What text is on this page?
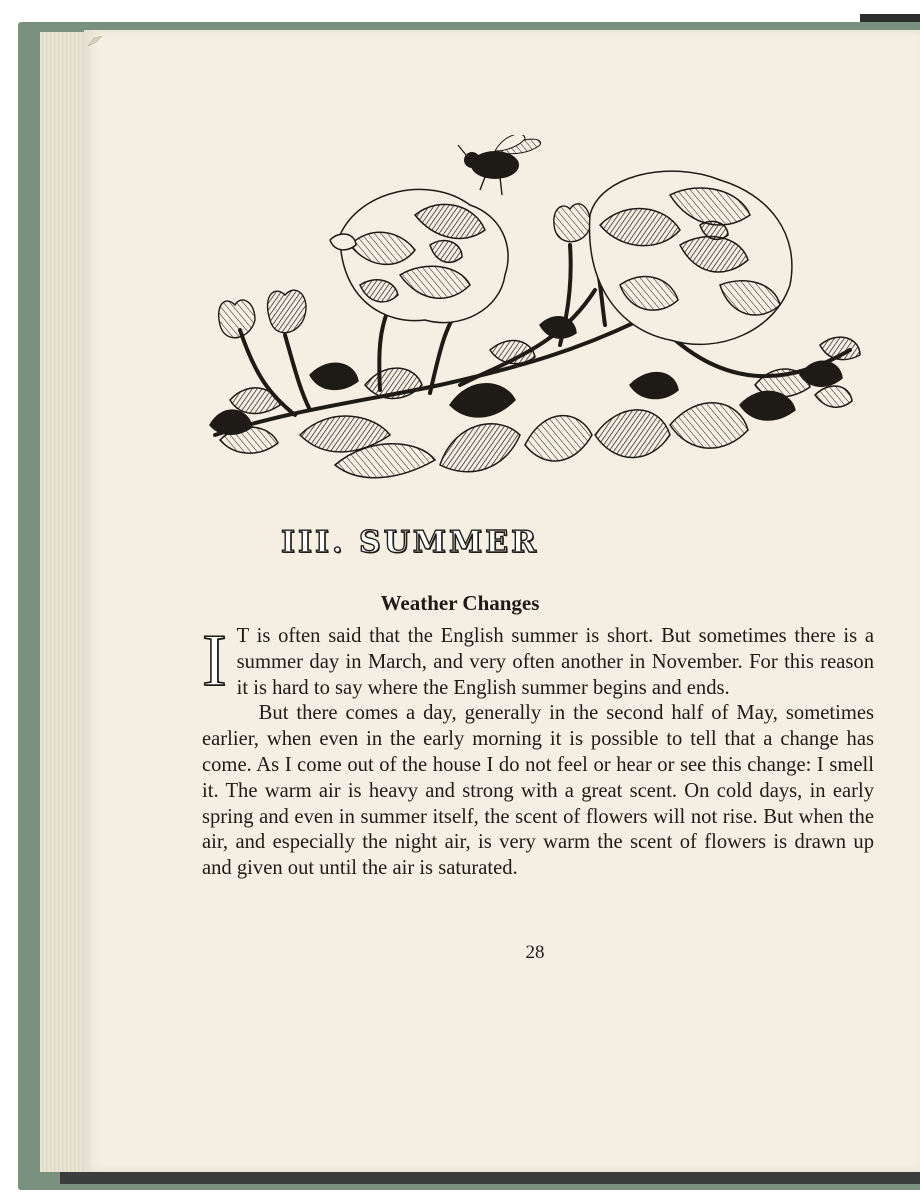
III. SUMMER
Weather Changes

I T is often said that the English summer is short. But sometimes there is a summer day in March, and very often another in November. For this reason it is hard to say where the English summer begins and ends.

But there comes a day, generally in the second half of May, sometimes earlier, when even in the early morning it is possible to tell that a change has come. As I come out of the house I do not feel or hear or see this change: I smell it. The warm air is heavy and strong with a great scent. On cold days, in early spring and even in summer itself, the scent of flowers will not rise. But when the air, and especially the night air, is very warm the scent of flowers is drawn up and given out until the air is saturated.

28
